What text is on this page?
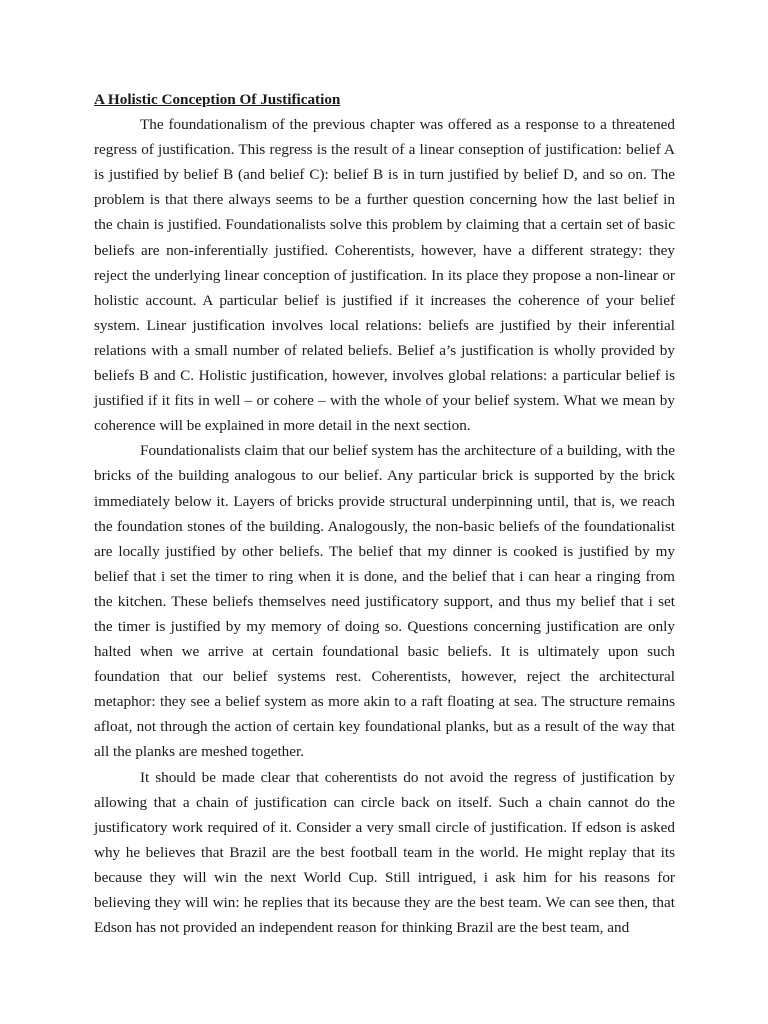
A Holistic Conception Of Justification

The foundationalism of the previous chapter was offered as a response to a threatened regress of justification. This regress is the result of a linear conseption of justification: belief A is justified by belief B (and belief C): belief B is in turn justified by belief D, and so on. The problem is that there always seems to be a further question concerning how the last belief in the chain is justified. Foundationalists solve this problem by claiming that a certain set of basic beliefs are non-inferentially justified. Coherentists, however, have a different strategy: they reject the underlying linear conception of justification. In its place they propose a non-linear or holistic account. A particular belief is justified if it increases the coherence of your belief system. Linear justification involves local relations: beliefs are justified by their inferential relations with a small number of related beliefs. Belief a’s justification is wholly provided by beliefs B and C. Holistic justification, however, involves global relations: a particular belief is justified if it fits in well – or cohere – with the whole of your belief system. What we mean by coherence will be explained in more detail in the next section.

Foundationalists claim that our belief system has the architecture of a building, with the bricks of the building analogous to our belief. Any particular brick is supported by the brick immediately below it. Layers of bricks provide structural underpinning until, that is, we reach the foundation stones of the building. Analogously, the non-basic beliefs of the foundationalist are locally justified by other beliefs. The belief that my dinner is cooked is justified by my belief that i set the timer to ring when it is done, and the belief that i can hear a ringing from the kitchen. These beliefs themselves need justificatory support, and thus my belief that i set the timer is justified by my memory of doing so. Questions concerning justification are only halted when we arrive at certain foundational basic beliefs. It is ultimately upon such foundation that our belief systems rest. Coherentists, however, reject the architectural metaphor: they see a belief system as more akin to a raft floating at sea. The structure remains afloat, not through the action of certain key foundational planks, but as a result of the way that all the planks are meshed together.

It should be made clear that coherentists do not avoid the regress of justification by allowing that a chain of justification can circle back on itself. Such a chain cannot do the justificatory work required of it. Consider a very small circle of justification. If edson is asked why he believes that Brazil are the best football team in the world. He might replay that its because they will win the next World Cup. Still intrigued, i ask him for his reasons for believing they will win: he replies that its because they are the best team. We can see then, that Edson has not provided an independent reason for thinking Brazil are the best team, and
